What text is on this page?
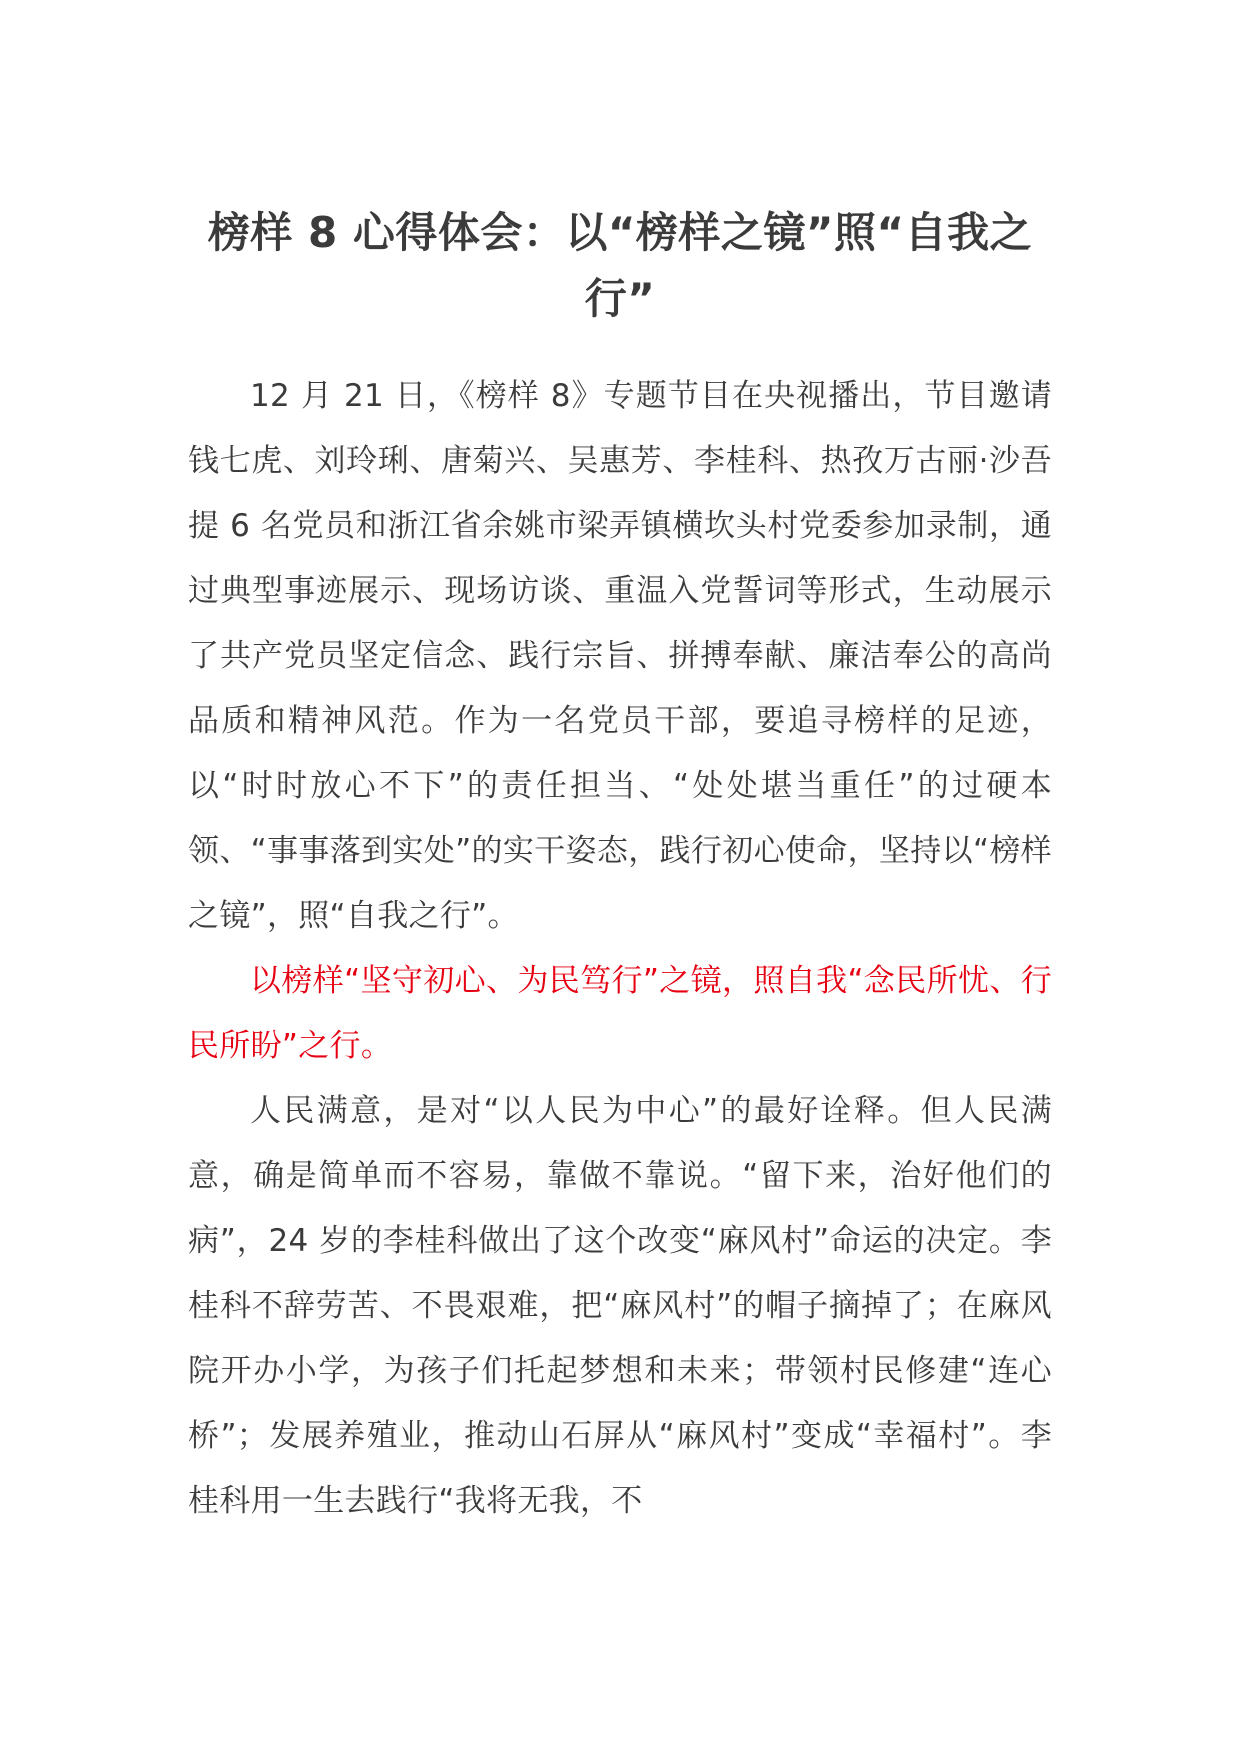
榜样 8 心得体会：以“榜样之镜”照“自我之行”

12 月 21 日，《榜样 8》专题节目在央视播出，节目邀请钱七虎、刘玲琍、唐菊兴、吴惠芳、李桂科、热孜万古丽·沙吾提 6 名党员和浙江省余姚市梁弄镇横坎头村党委参加录制，通过典型事迹展示、现场访谈、重温入党誓词等形式，生动展示了共产党员坚定信念、践行宗旨、拼搏奉献、廉洁奉公的高尚品质和精神风范。作为一名党员干部，要追寻榜样的足迹，以“时时放心不下”的责任担当、“处处堪当重任”的过硬本领、“事事落到实处”的实干姿态，践行初心使命，坚持以“榜样之镜”，照“自我之行”。

以榜样“坚守初心、为民笃行”之镜，照自我“念民所忧、行民所盼”之行。

人民满意，是对“以人民为中心”的最好诠释。但人民满意，确是简单而不容易，靠做不靠说。“留下来，治好他们的病”，24 岁的李桂科做出了这个改变“麻风村”命运的决定。李桂科不辞劳苦、不畏艰难，把“麻风村”的帽子摘掉了；在麻风院开办小学，为孩子们托起梦想和未来；带领村民修建“连心桥”；发展养殖业，推动山石屏从“麻风村”变成“幸福村”。李桂科用一生去践行“我将无我，不
